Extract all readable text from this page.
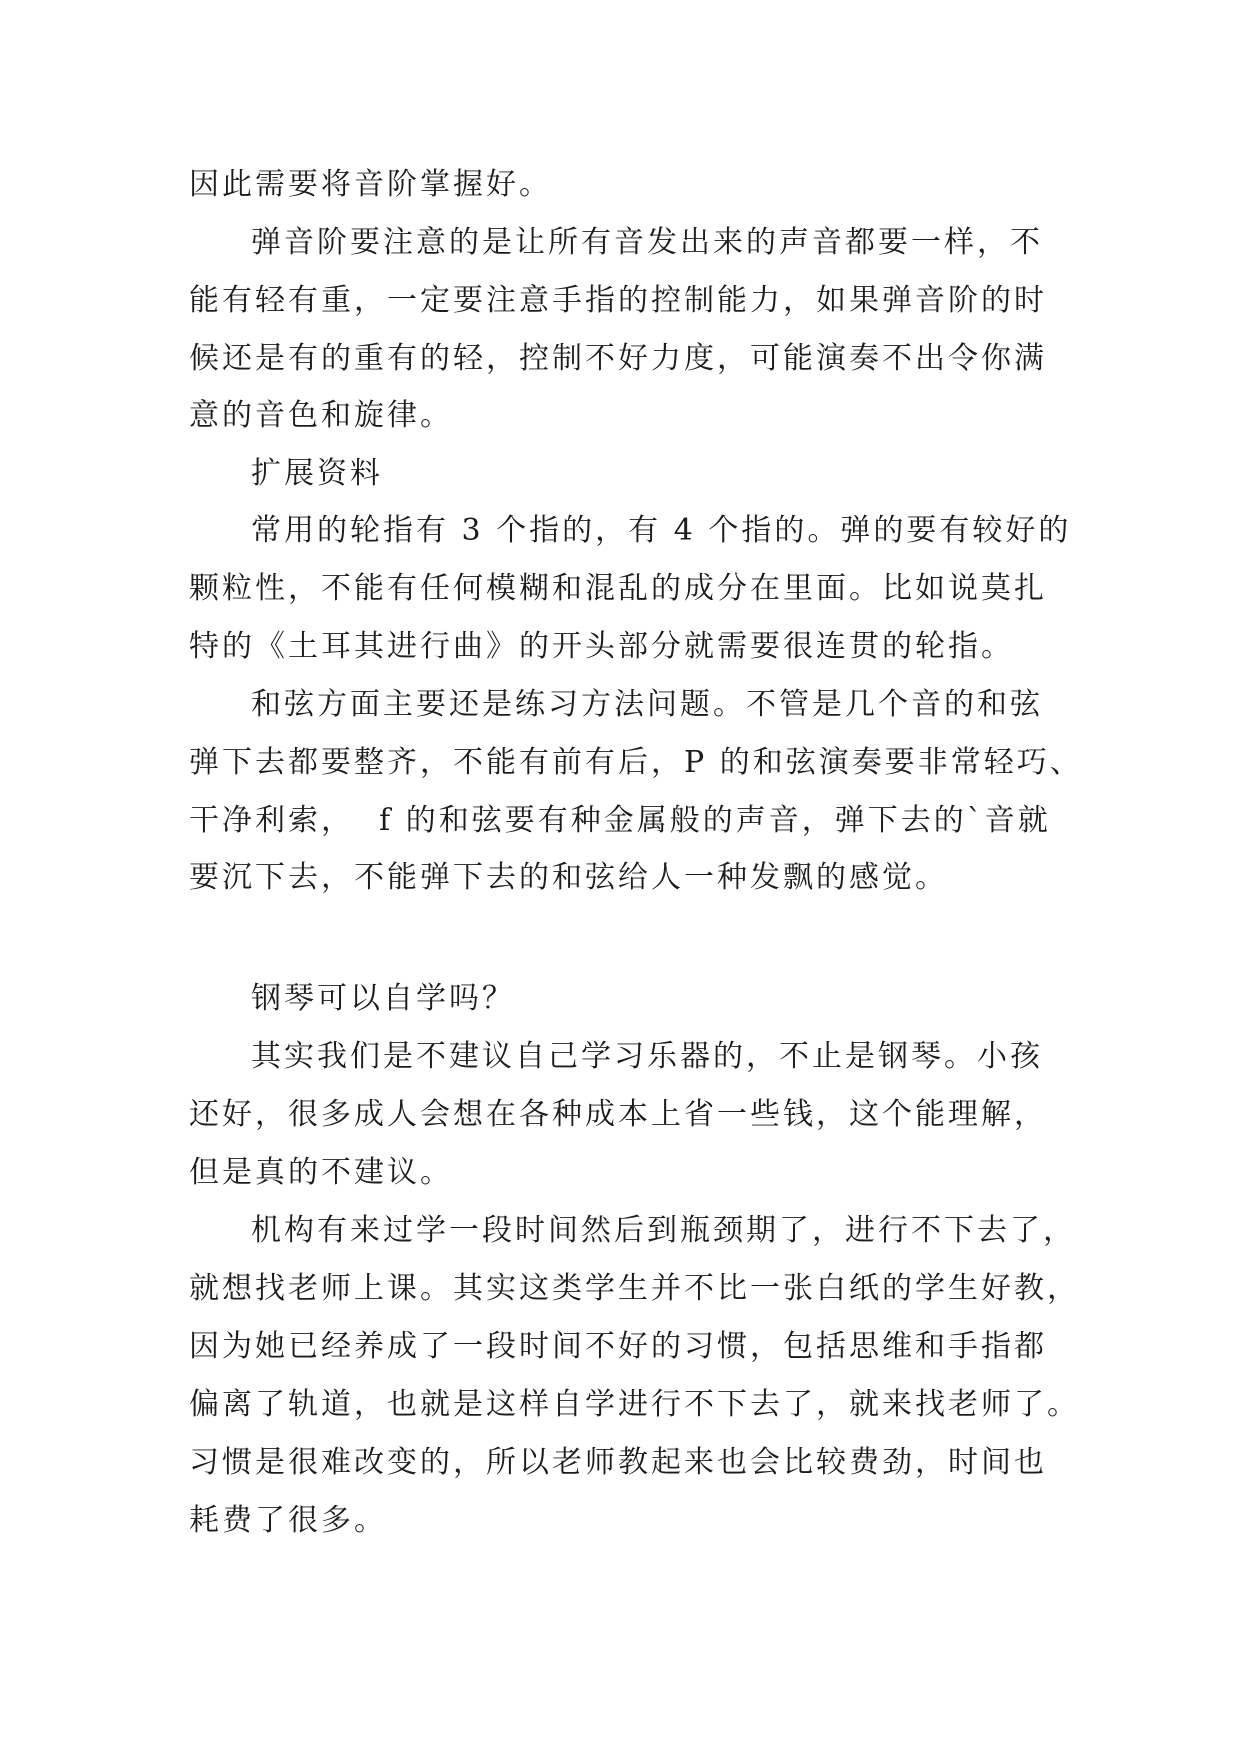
因此需要将音阶掌握好。
弹音阶要注意的是让所有音发出来的声音都要一样，不
能有轻有重，一定要注意手指的控制能力，如果弹音阶的时
候还是有的重有的轻，控制不好力度，可能演奏不出令你满
意的音色和旋律。
扩展资料
常用的轮指有 3 个指的，有 4 个指的。弹的要有较好的
颗粒性，不能有任何模糊和混乱的成分在里面。比如说莫扎
特的《土耳其进行曲》的开头部分就需要很连贯的轮指。
和弦方面主要还是练习方法问题。不管是几个音的和弦
弹下去都要整齐，不能有前有后，P 的和弦演奏要非常轻巧、
干净利索，  f 的和弦要有种金属般的声音，弹下去的`音就
要沉下去，不能弹下去的和弦给人一种发飘的感觉。
钢琴可以自学吗？
其实我们是不建议自己学习乐器的，不止是钢琴。小孩
还好，很多成人会想在各种成本上省一些钱，这个能理解，
但是真的不建议。
机构有来过学一段时间然后到瓶颈期了，进行不下去了，
就想找老师上课。其实这类学生并不比一张白纸的学生好教，
因为她已经养成了一段时间不好的习惯，包括思维和手指都
偏离了轨道，也就是这样自学进行不下去了，就来找老师了。
习惯是很难改变的，所以老师教起来也会比较费劲，时间也
耗费了很多。
